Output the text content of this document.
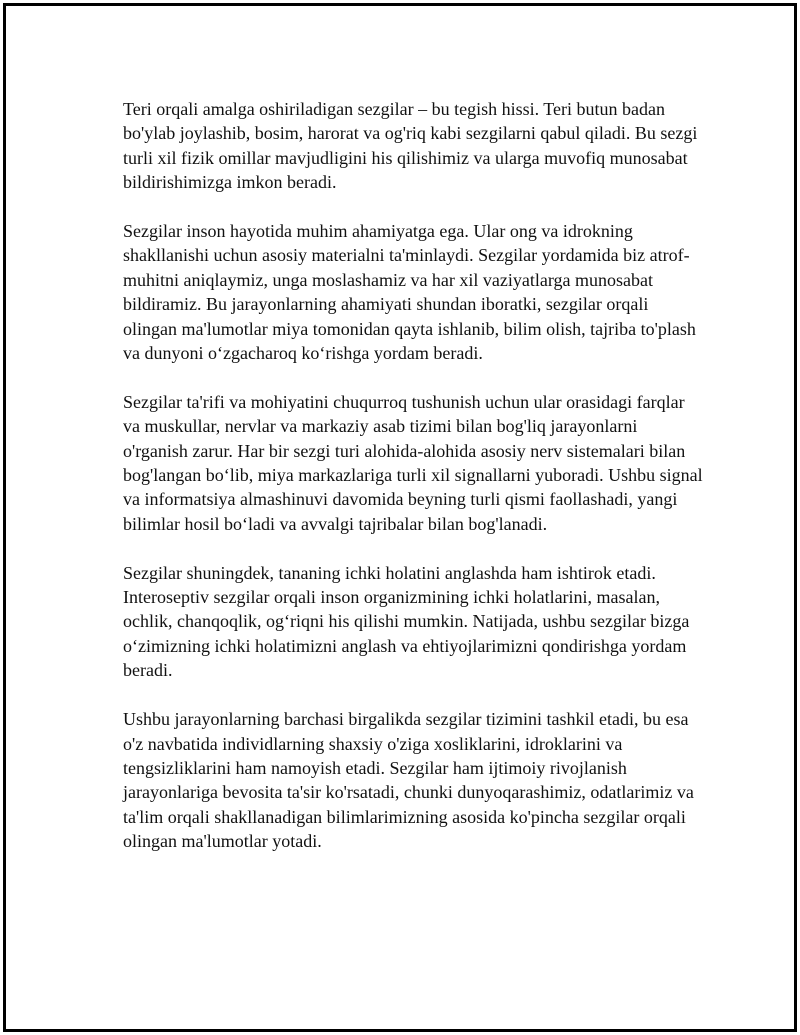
Teri orqali amalga oshiriladigan sezgilar – bu tegish hissi. Teri butun badan bo'ylab joylashib, bosim, harorat va og'riq kabi sezgilarni qabul qiladi. Bu sezgi turli xil fizik omillar mavjudligini his qilishimiz va ularga muvofiq munosabat bildirishimizga imkon beradi.

Sezgilar inson hayotida muhim ahamiyatga ega. Ular ong va idrokning shakllanishi uchun asosiy materialni ta'minlaydi. Sezgilar yordamida biz atrof-muhitni aniqlaymiz, unga moslashamiz va har xil vaziyatlarga munosabat bildiramiz. Bu jarayonlarning ahamiyati shundan iboratki, sezgilar orqali olingan ma'lumotlar miya tomonidan qayta ishlanib, bilim olish, tajriba to'plash va dunyoni o‘zgacharoq ko‘rishga yordam beradi.

Sezgilar ta'rifi va mohiyatini chuqurroq tushunish uchun ular orasidagi farqlar va muskullar, nervlar va markaziy asab tizimi bilan bog'liq jarayonlarni o'rganish zarur. Har bir sezgi turi alohida-alohida asosiy nerv sistemalari bilan bog'langan bo‘lib, miya markazlariga turli xil signallarni yuboradi. Ushbu signal va informatsiya almashinuvi davomida beyning turli qismi faollashadi, yangi bilimlar hosil bo‘ladi va avvalgi tajribalar bilan bog'lanadi.

Sezgilar shuningdek, tananing ichki holatini anglashda ham ishtirok etadi. Interoseptiv sezgilar orqali inson organizmining ichki holatlarini, masalan, ochlik, chanqoqlik, og‘riqni his qilishi mumkin. Natijada, ushbu sezgilar bizga o‘zimizning ichki holatimizni anglash va ehtiyojlarimizni qondirishga yordam beradi.

Ushbu jarayonlarning barchasi birgalikda sezgilar tizimini tashkil etadi, bu esa o'z navbatida individlarning shaxsiy o'ziga xosliklarini, idroklarini va tengsizliklarini ham namoyish etadi. Sezgilar ham ijtimoiy rivojlanish jarayonlariga bevosita ta'sir ko'rsatadi, chunki dunyoqarashimiz, odatlarimiz va ta'lim orqali shakllanadigan bilimlarimizning asosida ko'pincha sezgilar orqali olingan ma'lumotlar yotadi.
